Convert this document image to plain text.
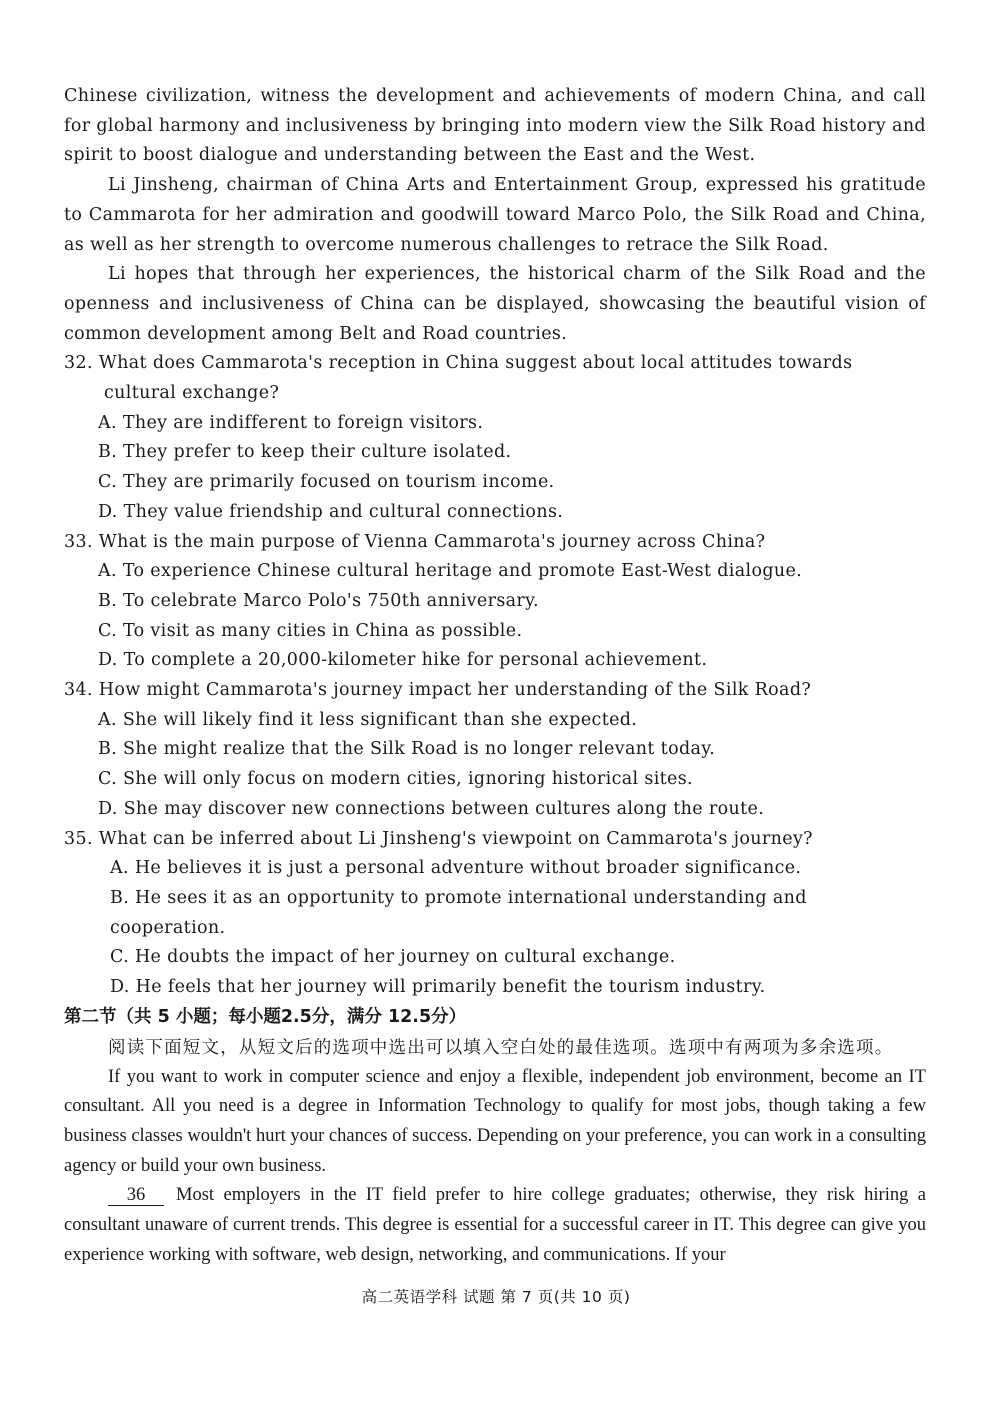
Chinese civilization, witness the development and achievements of modern China, and call for global harmony and inclusiveness by bringing into modern view the Silk Road history and spirit to boost dialogue and understanding between the East and the West.

Li Jinsheng, chairman of China Arts and Entertainment Group, expressed his gratitude to Cammarota for her admiration and goodwill toward Marco Polo, the Silk Road and China, as well as her strength to overcome numerous challenges to retrace the Silk Road.

Li hopes that through her experiences, the historical charm of the Silk Road and the openness and inclusiveness of China can be displayed, showcasing the beautiful vision of common development among Belt and Road countries.

32. What does Cammarota's reception in China suggest about local attitudes towards cultural exchange?

A. They are indifferent to foreign visitors.

B. They prefer to keep their culture isolated.

C. They are primarily focused on tourism income.

D. They value friendship and cultural connections.

33. What is the main purpose of Vienna Cammarota's journey across China?

A. To experience Chinese cultural heritage and promote East-West dialogue.

B. To celebrate Marco Polo's 750th anniversary.

C. To visit as many cities in China as possible.

D. To complete a 20,000-kilometer hike for personal achievement.

34. How might Cammarota's journey impact her understanding of the Silk Road?

A. She will likely find it less significant than she expected.

B. She might realize that the Silk Road is no longer relevant today.

C. She will only focus on modern cities, ignoring historical sites.

D. She may discover new connections between cultures along the route.

35. What can be inferred about Li Jinsheng's viewpoint on Cammarota's journey?

A. He believes it is just a personal adventure without broader significance.

B. He sees it as an opportunity to promote international understanding and cooperation.

C. He doubts the impact of her journey on cultural exchange.

D. He feels that her journey will primarily benefit the tourism industry.

第二节（共 5 小题；每小题2.5分，满分 12.5分）

阅读下面短文，从短文后的选项中选出可以填入空白处的最佳选项。选项中有两项为多余选项。

If you want to work in computer science and enjoy a flexible, independent job environment, become an IT consultant. All you need is a degree in Information Technology to qualify for most jobs, though taking a few business classes wouldn't hurt your chances of success. Depending on your preference, you can work in a consulting agency or build your own business.

36 Most employers in the IT field prefer to hire college graduates; otherwise, they risk hiring a consultant unaware of current trends. This degree is essential for a successful career in IT. This degree can give you experience working with software, web design, networking, and communications. If your

高二英语学科 试题 第 7 页(共 10 页)
